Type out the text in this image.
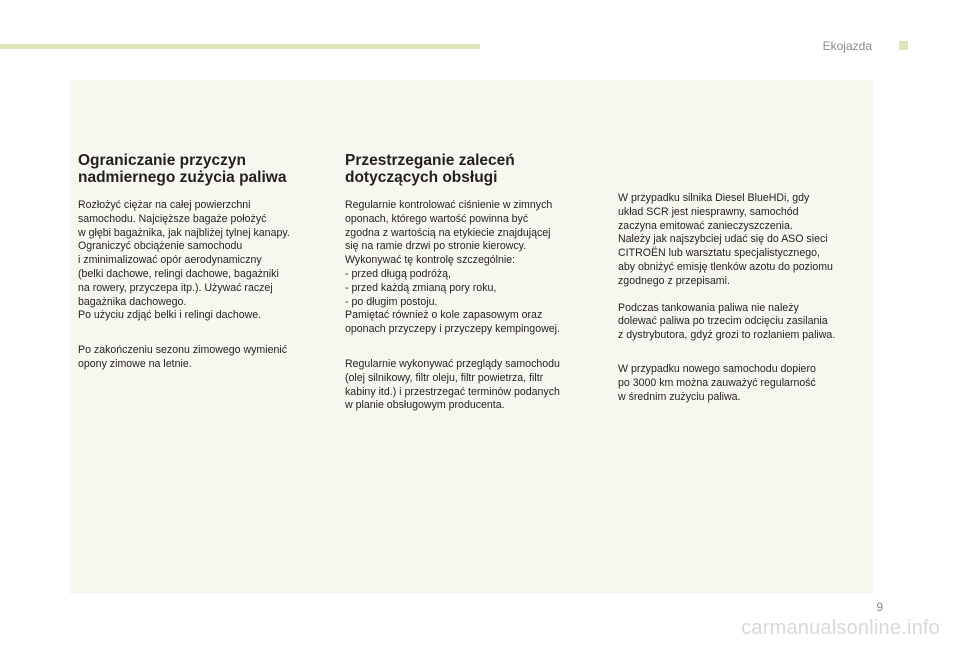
Ekojazda
Ograniczanie przyczyn
nadmiernego zużycia paliwa

Rozłożyć ciężar na całej powierzchni
samochodu. Najcięższe bagaże położyć
w głębi bagażnika, jak najbliżej tylnej kanapy.
Ograniczyć obciążenie samochodu
i zminimalizować opór aerodynamiczny
(belki dachowe, relingi dachowe, bagażniki
na rowery, przyczepa itp.). Używać raczej
bagażnika dachowego.
Po użyciu zdjąć belki i relingi dachowe.

Po zakończeniu sezonu zimowego wymienić
opony zimowe na letnie.

Przestrzeganie zaleceń
dotyczących obsługi

Regularnie kontrolować ciśnienie w zimnych
oponach, którego wartość powinna być
zgodna z wartością na etykiecie znajdującej
się na ramie drzwi po stronie kierowcy.
Wykonywać tę kontrolę szczególnie:
- przed długą podróżą,
- przed każdą zmianą pory roku,
- po długim postoju.
Pamiętać również o kole zapasowym oraz
oponach przyczepy i przyczepy kempingowej.

Regularnie wykonywać przeglądy samochodu
(olej silnikowy, filtr oleju, filtr powietrza, filtr
kabiny itd.) i przestrzegać terminów podanych
w planie obsługowym producenta.

W przypadku silnika Diesel BlueHDi, gdy
układ SCR jest niesprawny, samochód
zaczyna emitować zanieczyszczenia.
Należy jak najszybciej udać się do ASO sieci
CITROËN lub warsztatu specjalistycznego,
aby obniżyć emisję tlenków azotu do poziomu
zgodnego z przepisami.

Podczas tankowania paliwa nie należy
dolewać paliwa po trzecim odcięciu zasilania
z dystrybutora, gdyż grozi to rozlaniem paliwa.

W przypadku nowego samochodu dopiero
po 3000 km można zauważyć regularność
w średnim zużyciu paliwa.

9
carmanualsonline.info
